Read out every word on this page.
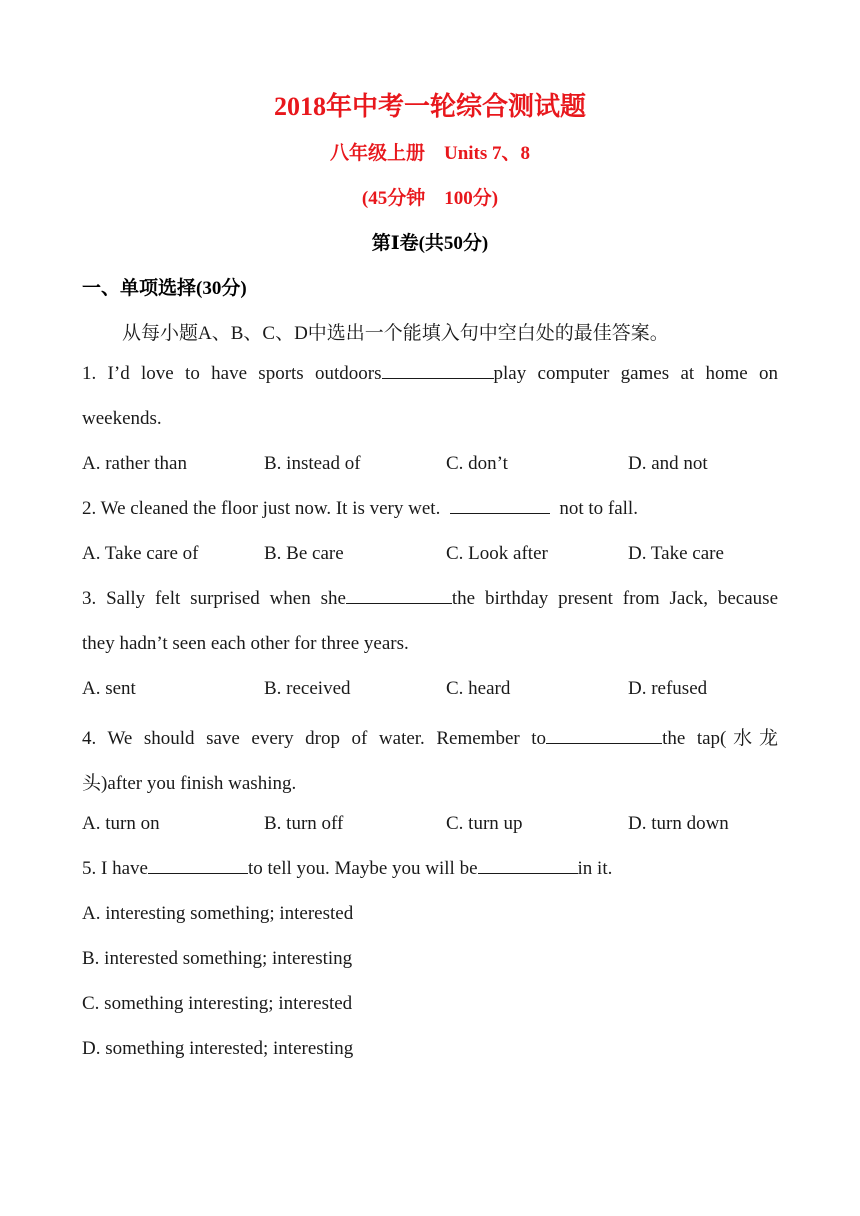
2018年中考一轮综合测试题
八年级上册　Units 7、8
(45分钟　100分)
第Ⅰ卷(共50分)
一、单项选择(30分)
从每小题A、B、C、D中选出一个能填入句中空白处的最佳答案。
1. I’d love to have sports outdoors	play computer games at home on
weekends.
A. rather than	B. instead of	C. don’t	D. and not
2. We cleaned the floor just now. It is very wet.	not to fall.
A. Take care of	B. Be care	C. Look after	D. Take care
3. Sally felt surprised when she	the birthday present from Jack, because
they hadn’t seen each other for three years.
A. sent	B. received	C. heard	D. refused
4. We should save every drop of water. Remember to	the tap(水龙
头)after you finish washing.
A. turn on	B. turn off	C. turn up	D. turn down
5. I have	to tell you. Maybe you will be	in it.
A. interesting something; interested
B. interested something; interesting
C. something interesting; interested
D. something interested; interesting
